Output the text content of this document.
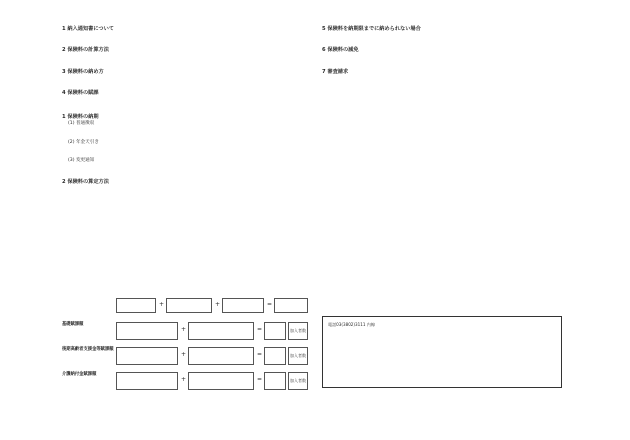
1 納入通知書について

2 保険料の計算方法

3 保険料の納め方

4 保険料の賦課

1 保険料の納期

(1) 普通徴収

(2) 年金天引き

(3) 変更通知

2 保険料の算定方法

+	+	=
基礎賦課額
+	=	加入者数
後期高齢者支援金等賦課額
+	=	加入者数
介護納付金賦課額
+	=	加入者数

5 保険料を納期限までに納められない場合

6 保険料の減免

7 審査請求

電話03(3802)3111 内線
